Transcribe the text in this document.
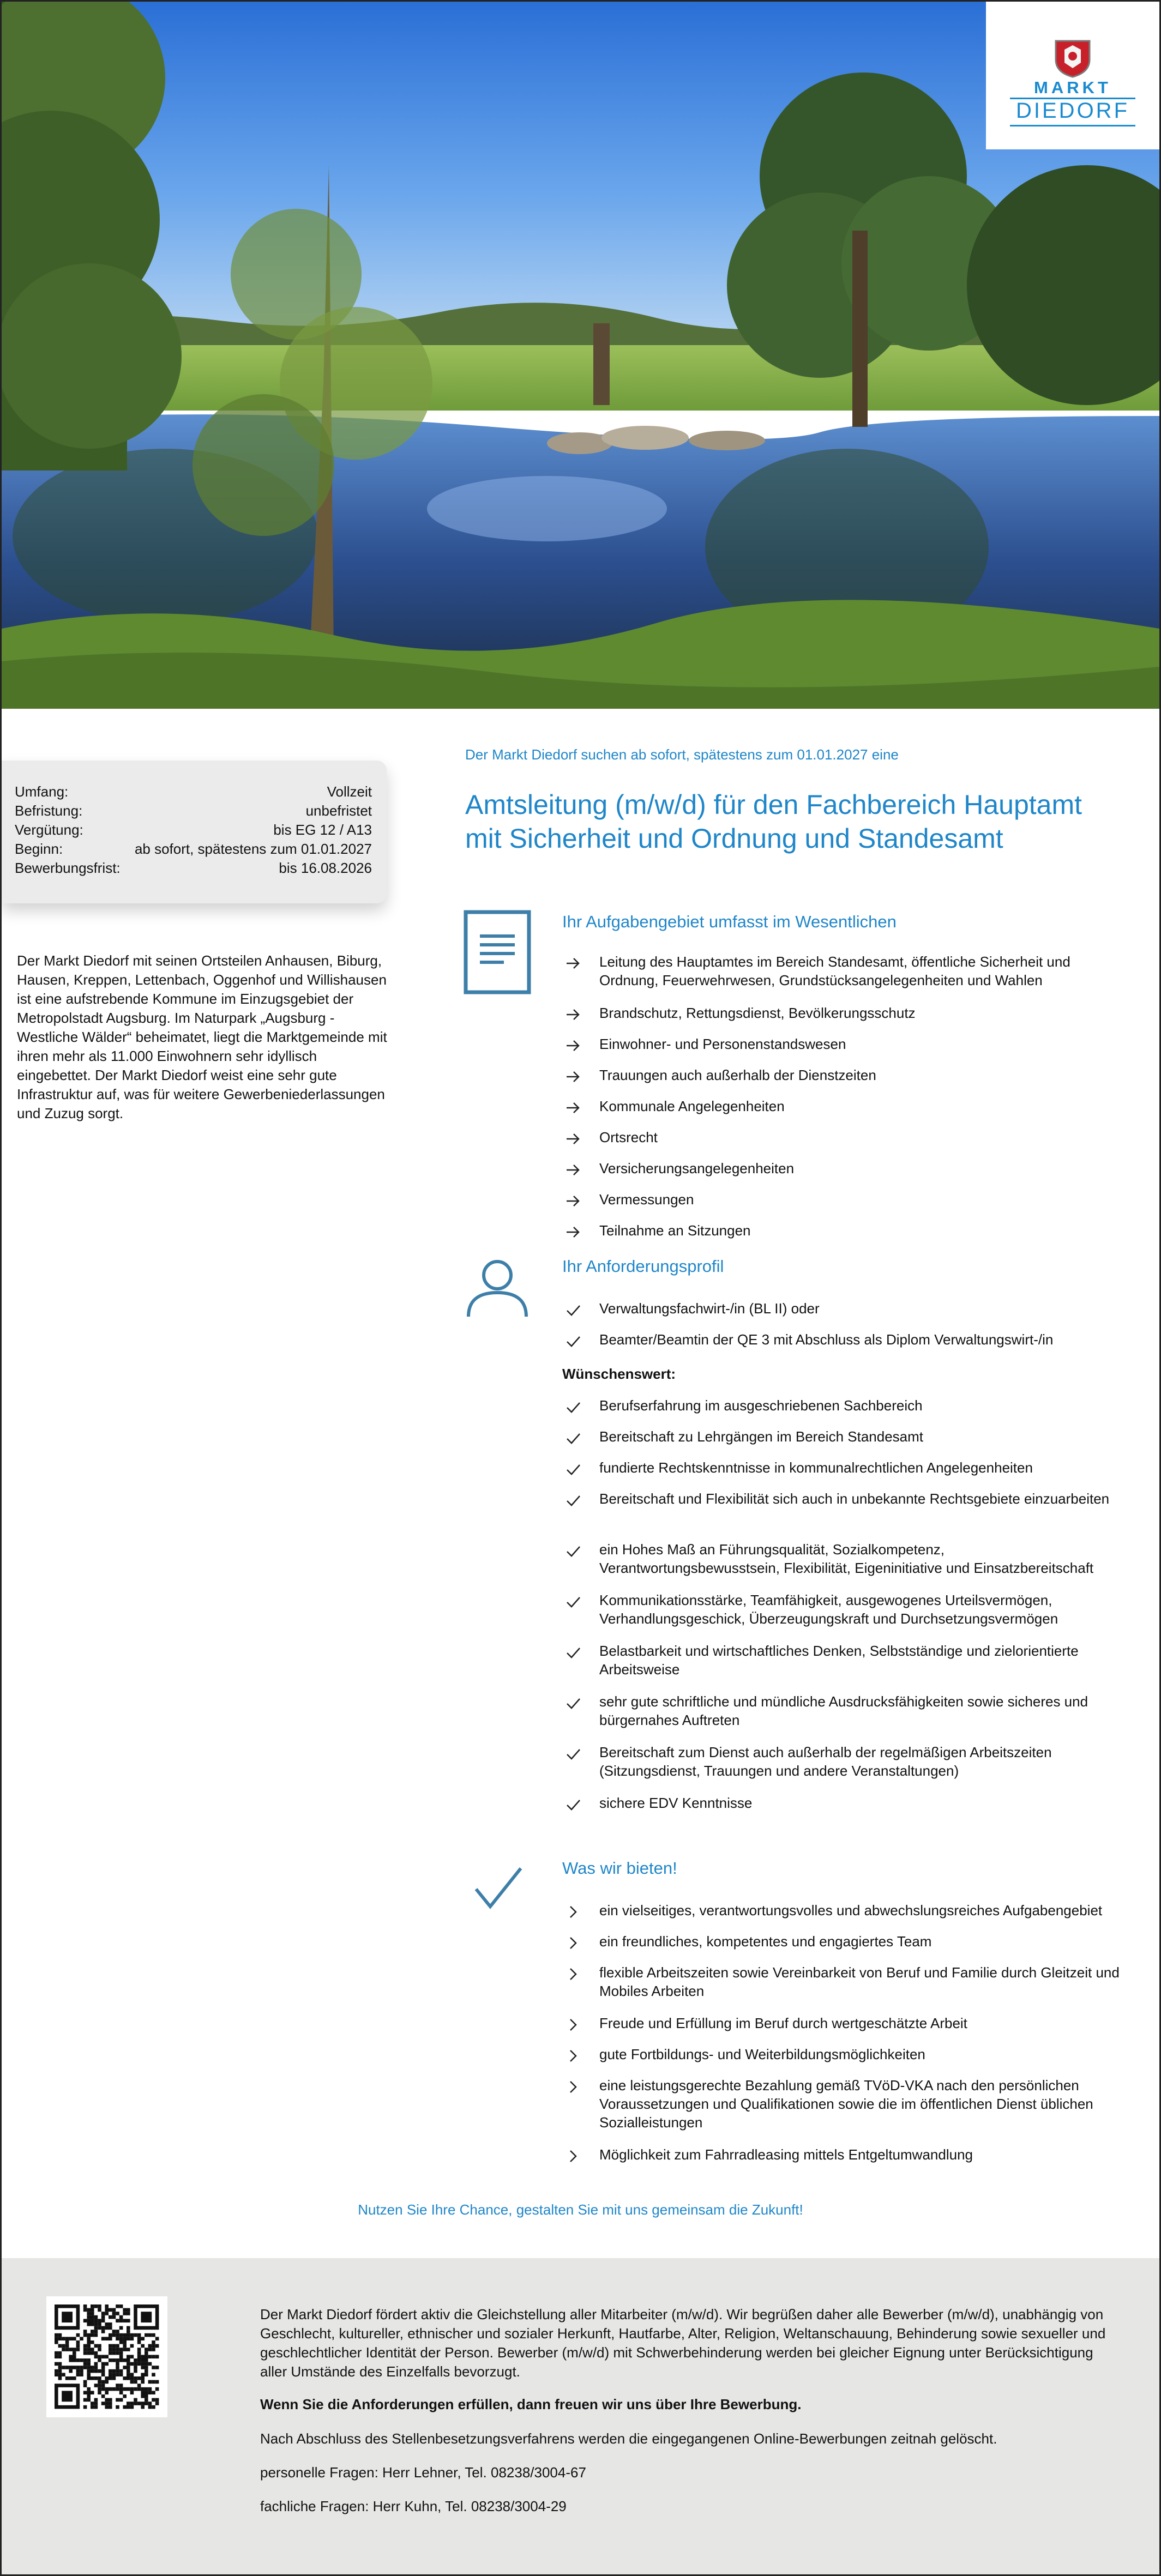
MARKT
DIEDORF
Umfang:	Vollzeit
Befristung:	unbefristet
Vergütung:	bis EG 12 / A13
Beginn:	ab sofort, spätestens zum 01.01.2027
Bewerbungsfrist:	bis 16.08.2026
Der Markt Diedorf mit seinen Ortsteilen Anhausen, Biburg, Hausen, Kreppen, Lettenbach, Oggenhof und Willishausen ist eine aufstrebende Kommune im Einzugsgebiet der Metropolstadt Augsburg. Im Naturpark „Augsburg - Westliche Wälder“ beheimatet, liegt die Marktgemeinde mit ihren mehr als 11.000 Einwohnern sehr idyllisch eingebettet. Der Markt Diedorf weist eine sehr gute Infrastruktur auf, was für weitere Gewerbeniederlassungen und Zuzug sorgt.
Der Markt Diedorf suchen ab sofort, spätestens zum 01.01.2027 eine
Amtsleitung (m/w/d) für den Fachbereich Hauptamt
mit Sicherheit und Ordnung und Standesamt
Ihr Aufgabengebiet umfasst im Wesentlichen
Leitung des Hauptamtes im Bereich Standesamt, öffentliche Sicherheit und Ordnung, Feuerwehrwesen, Grundstücksangelegenheiten und Wahlen
Brandschutz, Rettungsdienst, Bevölkerungsschutz
Einwohner- und Personenstandswesen
Trauungen auch außerhalb der Dienstzeiten
Kommunale Angelegenheiten
Ortsrecht
Versicherungsangelegenheiten
Vermessungen
Teilnahme an Sitzungen
Ihr Anforderungsprofil
Verwaltungsfachwirt-/in (BL II) oder
Beamter/Beamtin der QE 3 mit Abschluss als Diplom Verwaltungswirt-/in
Wünschenswert:
Berufserfahrung im ausgeschriebenen Sachbereich
Bereitschaft zu Lehrgängen im Bereich Standesamt
fundierte Rechtskenntnisse in kommunalrechtlichen Angelegenheiten
Bereitschaft und Flexibilität sich auch in unbekannte Rechtsgebiete einzuarbeiten
ein Hohes Maß an Führungsqualität, Sozialkompetenz, Verantwortungsbewusstsein, Flexibilität, Eigeninitiative und Einsatzbereitschaft
Kommunikationsstärke, Teamfähigkeit, ausgewogenes Urteilsvermögen, Verhandlungsgeschick, Überzeugungskraft und Durchsetzungsvermögen
Belastbarkeit und wirtschaftliches Denken, Selbstständige und zielorientierte Arbeitsweise
sehr gute schriftliche und mündliche Ausdrucksfähigkeiten sowie sicheres und bürgernahes Auftreten
Bereitschaft zum Dienst auch außerhalb der regelmäßigen Arbeitszeiten (Sitzungsdienst, Trauungen und andere Veranstaltungen)
sichere EDV Kenntnisse
Was wir bieten!
ein vielseitiges, verantwortungsvolles und abwechslungsreiches Aufgabengebiet
ein freundliches, kompetentes und engagiertes Team
flexible Arbeitszeiten sowie Vereinbarkeit von Beruf und Familie durch Gleitzeit und Mobiles Arbeiten
Freude und Erfüllung im Beruf durch wertgeschätzte Arbeit
gute Fortbildungs- und Weiterbildungsmöglichkeiten
eine leistungsgerechte Bezahlung gemäß TVöD-VKA nach den persönlichen Voraussetzungen und Qualifikationen sowie die im öffentlichen Dienst üblichen Sozialleistungen
Möglichkeit zum Fahrradleasing mittels Entgeltumwandlung
Nutzen Sie Ihre Chance, gestalten Sie mit uns gemeinsam die Zukunft!
Der Markt Diedorf fördert aktiv die Gleichstellung aller Mitarbeiter (m/w/d). Wir begrüßen daher alle Bewerber (m/w/d), unabhängig von Geschlecht, kultureller, ethnischer und sozialer Herkunft, Hautfarbe, Alter, Religion, Weltanschauung, Behinderung sowie sexueller und geschlechtlicher Identität der Person. Bewerber (m/w/d) mit Schwerbehinderung werden bei gleicher Eignung unter Berücksichtigung aller Umstände des Einzelfalls bevorzugt.
Wenn Sie die Anforderungen erfüllen, dann freuen wir uns über Ihre Bewerbung.
Nach Abschluss des Stellenbesetzungsverfahrens werden die eingegangenen Online-Bewerbungen zeitnah gelöscht.
personelle Fragen: Herr Lehner, Tel. 08238/3004-67
fachliche Fragen: Herr Kuhn, Tel. 08238/3004-29
